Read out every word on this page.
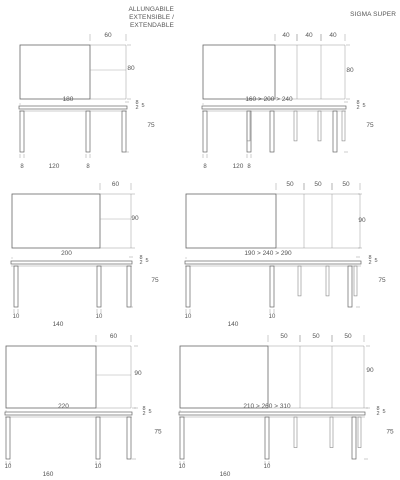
ALLUNGABILE
EXTENSIBLE / EXTENDABLE
SIGMA SUPER
60
80
180	8
2 5
75
8	8
120
40 40	40
80
160 > 200 > 240	8
2 5
75
8	8
120
60
90
200
8
2 5
75
10	10
140
50	50	50
90
190 > 240 > 290
8
2 5
75
10	10
140
60
90
220	8
2 5
75
10	10
160
50	50	50
90
210 > 260 > 310	8
2 5
75
10	10
160
